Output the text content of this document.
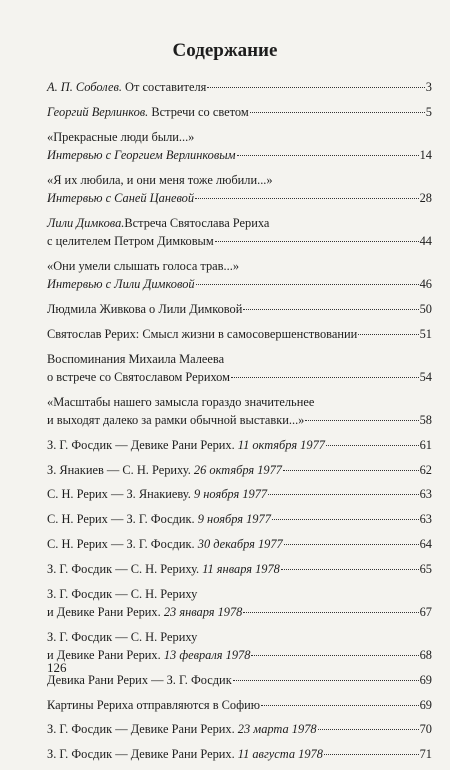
Содержание
А. П. Соболев. От составителя	3
Георгий Верлинков. Встречи со светом	5
«Прекрасные люди были...»
Интервью с Георгием Верлинковым	14
«Я их любила, и они меня тоже любили...»
Интервью с Саней Цаневой	28
Лили Димкова. Встреча Святослава Рериха
с целителем Петром Димковым	44
«Они умели слышать голоса трав...»
Интервью с Лили Димковой	46
Людмила Живкова о Лили Димковой	50
Святослав Рерих: Смысл жизни в самосовершенствовании	51
Воспоминания Михаила Малеева
о встрече со Святославом Рерихом	54
«Масштабы нашего замысла гораздо значительнее
и выходят далеко за рамки обычной выставки...»	58
З. Г. Фосдик — Девике Рани Рерих. 11 октября 1977	61
З. Янакиев — С. Н. Рериху. 26 октября 1977	62
С. Н. Рерих — З. Янакиеву. 9 ноября 1977	63
С. Н. Рерих — З. Г. Фосдик. 9 ноября 1977	63
С. Н. Рерих — З. Г. Фосдик. 30 декабря 1977	64
З. Г. Фосдик — С. Н. Рериху. 11 января 1978	65
З. Г. Фосдик — С. Н. Рериху
и Девике Рани Рерих. 23 января 1978	67
З. Г. Фосдик — С. Н. Рериху
и Девике Рани Рерих. 13 февраля 1978	68
Девика Рани Рерих — З. Г. Фосдик	69
Картины Рериха отправляются в Софию	69
З. Г. Фосдик — Девике Рани Рерих. 23 марта 1978	70
З. Г. Фосдик — Девике Рани Рерих. 11 августа 1978	71
126
